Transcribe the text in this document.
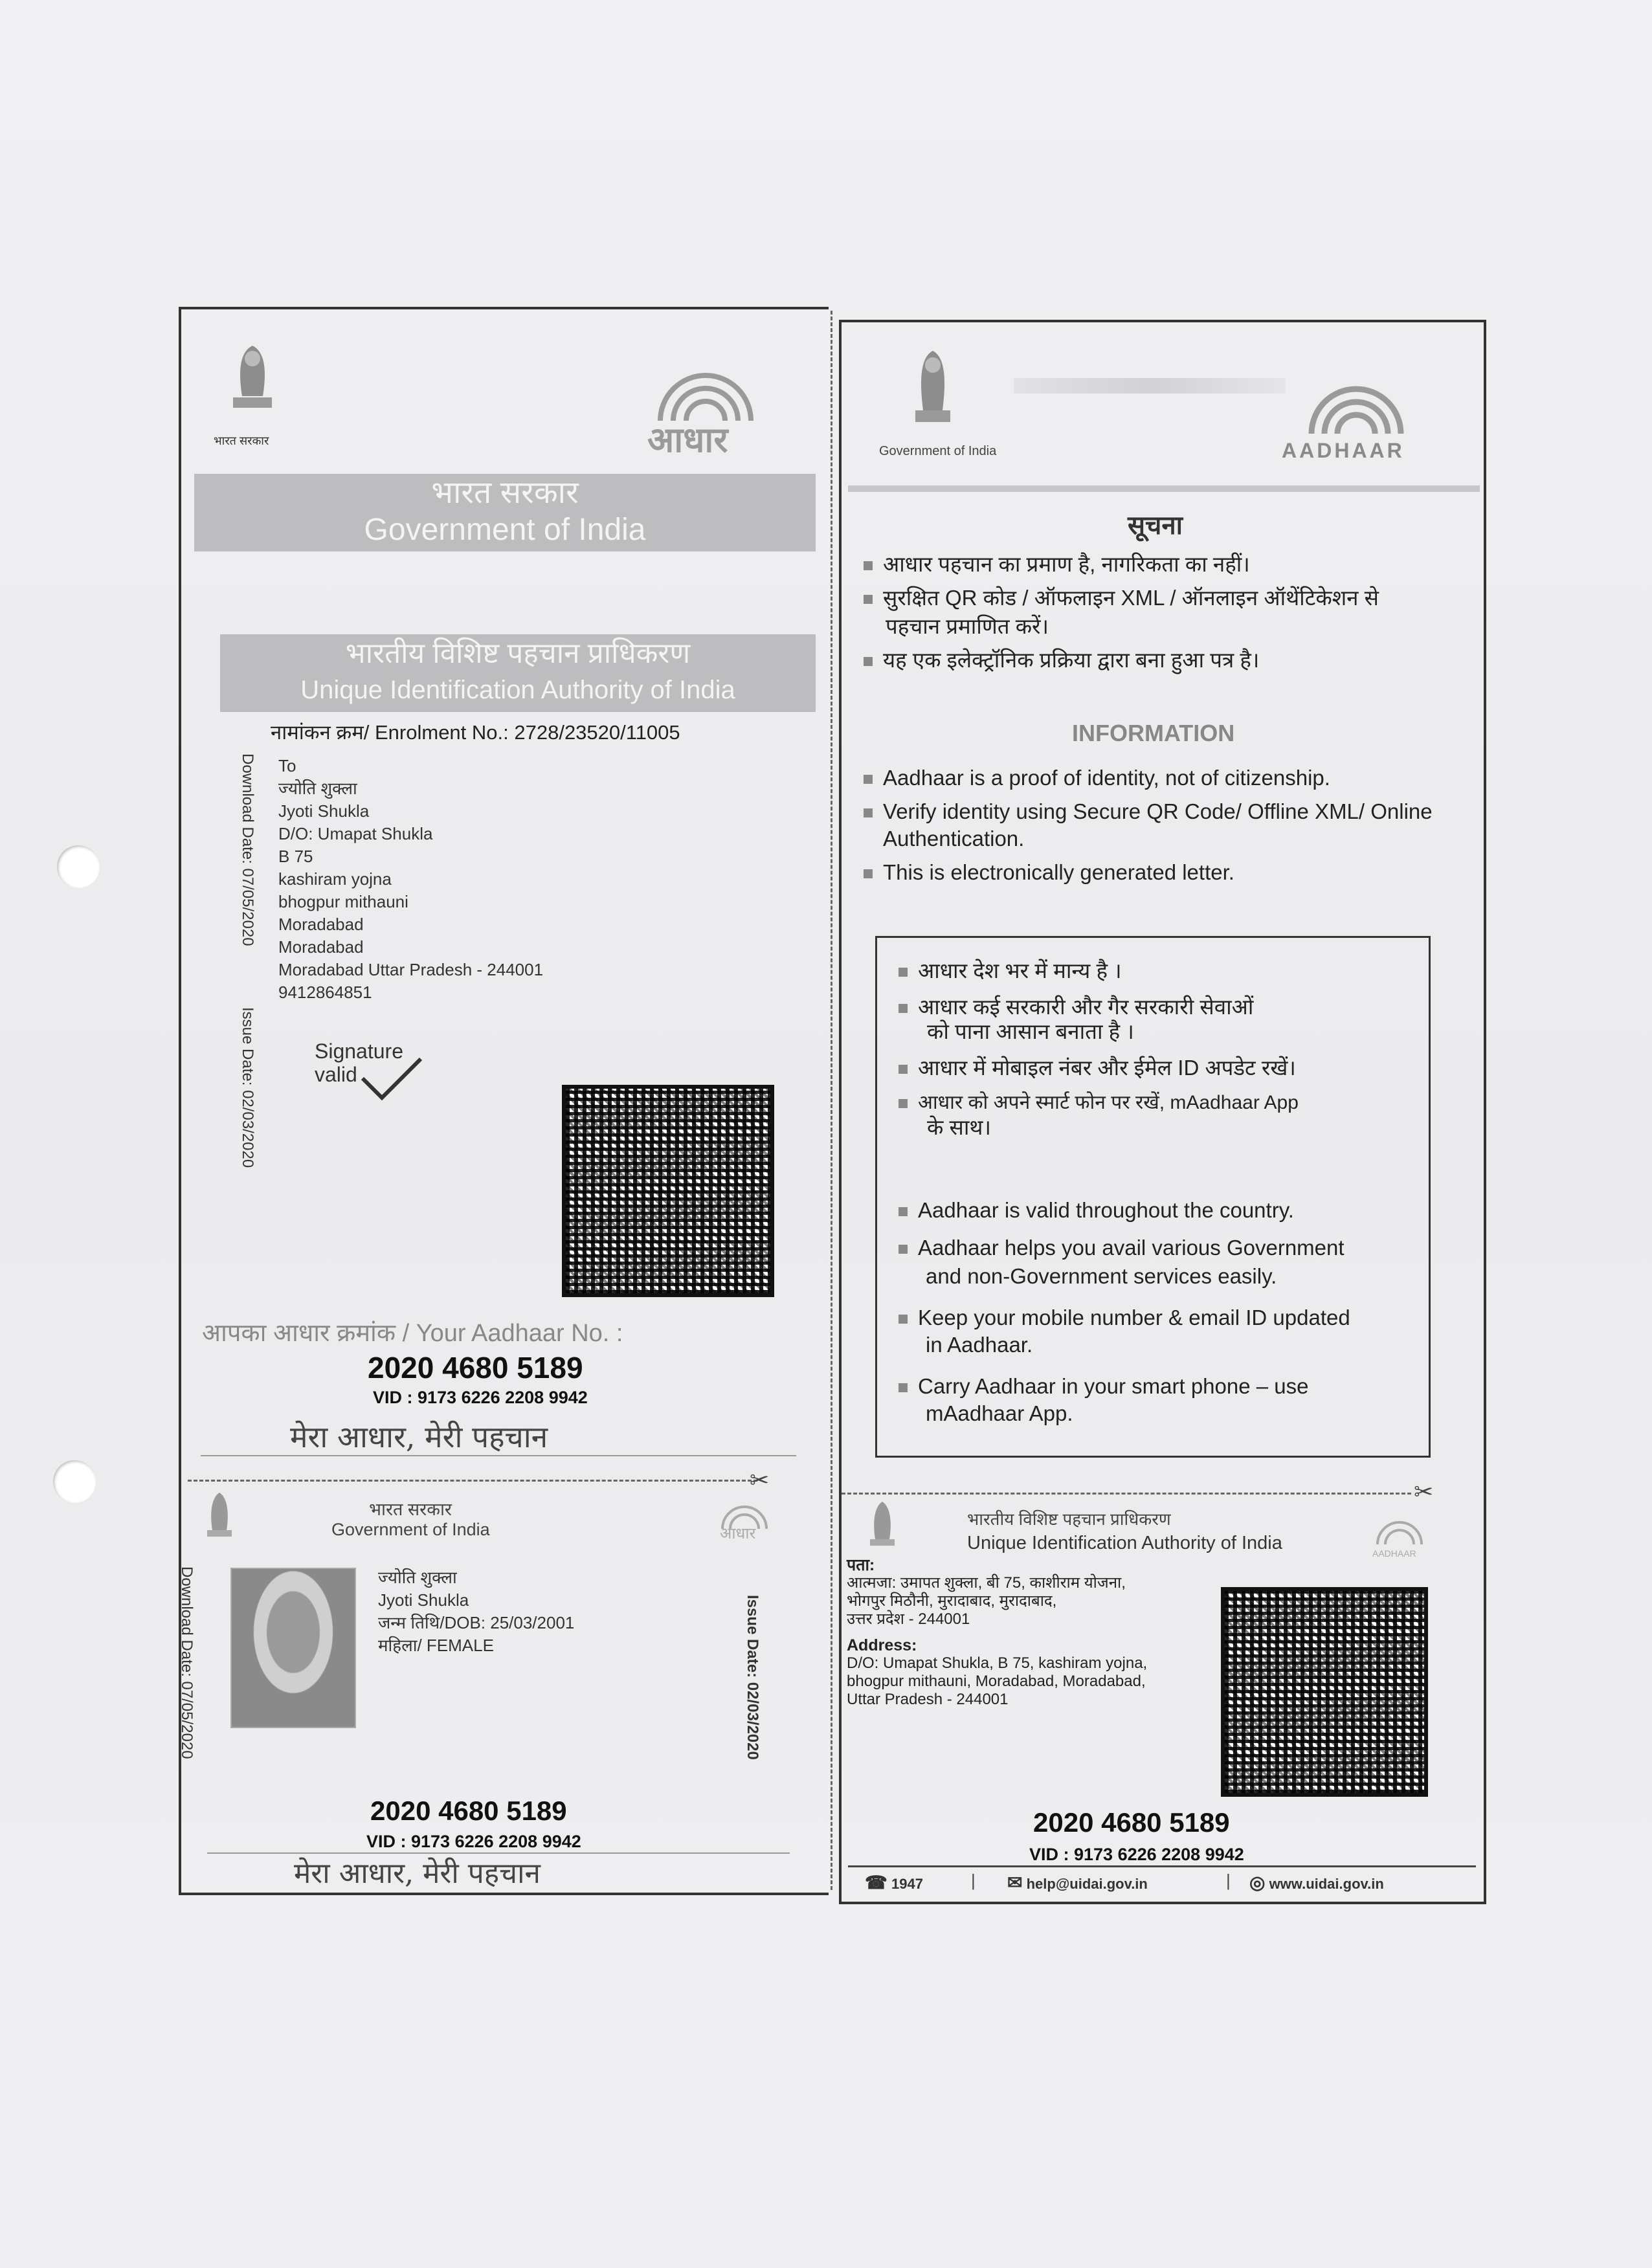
भारत सरकार	आधार
भारत सरकार
Government of India
भारतीय विशिष्ट पहचान प्राधिकरण
Unique Identification Authority of India
नामांकन क्रम/ Enrolment No.: 2728/23520/11005
Download Date: 07/05/2020
Issue Date: 02/03/2020
To
ज्योति शुक्ला
Jyoti Shukla
D/O: Umapat Shukla
B 75
kashiram yojna
bhogpur mithauni
Moradabad
Moradabad
Moradabad Uttar Pradesh - 244001
9412864851
Signature
valid
आपका आधार क्रमांक / Your Aadhaar No. :
2020 4680 5189
VID : 9173 6226 2208 9942
मेरा आधार, मेरी पहचान
✂
भारत सरकार
Government of India	आधार
Download Date: 07/05/2020	Issue Date: 02/03/2020
ज्योति शुक्ला
Jyoti Shukla
जन्म तिथि/DOB: 25/03/2001
महिला/ FEMALE
2020 4680 5189
VID : 9173 6226 2208 9942
मेरा आधार, मेरी पहचान
Government of India	AADHAAR
सूचना
आधार पहचान का प्रमाण है, नागरिकता का नहीं।
सुरक्षित QR कोड / ऑफलाइन XML / ऑनलाइन ऑथेंटिकेशन से
पहचान प्रमाणित करें।
यह एक इलेक्ट्रॉनिक प्रक्रिया द्वारा बना हुआ पत्र है।
INFORMATION
Aadhaar is a proof of identity, not of citizenship.
Verify identity using Secure QR Code/ Offline XML/ Online
Authentication.
This is electronically generated letter.
आधार देश भर में मान्य है ।
आधार कई सरकारी और गैर सरकारी सेवाओं
को पाना आसान बनाता है ।
आधार में मोबाइल नंबर और ईमेल ID अपडेट रखें।
आधार को अपने स्मार्ट फोन पर रखें, mAadhaar App
के साथ।
Aadhaar is valid throughout the country.
Aadhaar helps you avail various Government
and non-Government services easily.
Keep your mobile number & email ID updated
in Aadhaar.
Carry Aadhaar in your smart phone – use
mAadhaar App.
✂
भारतीय विशिष्ट पहचान प्राधिकरण
Unique Identification Authority of India	AADHAAR
पता:
आत्मजा: उमापत शुक्ला, बी 75, काशीराम योजना,
भोगपुर मिठौनी, मुरादाबाद, मुरादाबाद,
उत्तर प्रदेश - 244001
Address:
D/O: Umapat Shukla, B 75, kashiram yojna,
bhogpur mithauni, Moradabad, Moradabad,
Uttar Pradesh - 244001
2020 4680 5189
VID : 9173 6226 2208 9942
☎ 1947	| ✉ help@uidai.gov.in	| ◎ www.uidai.gov.in
